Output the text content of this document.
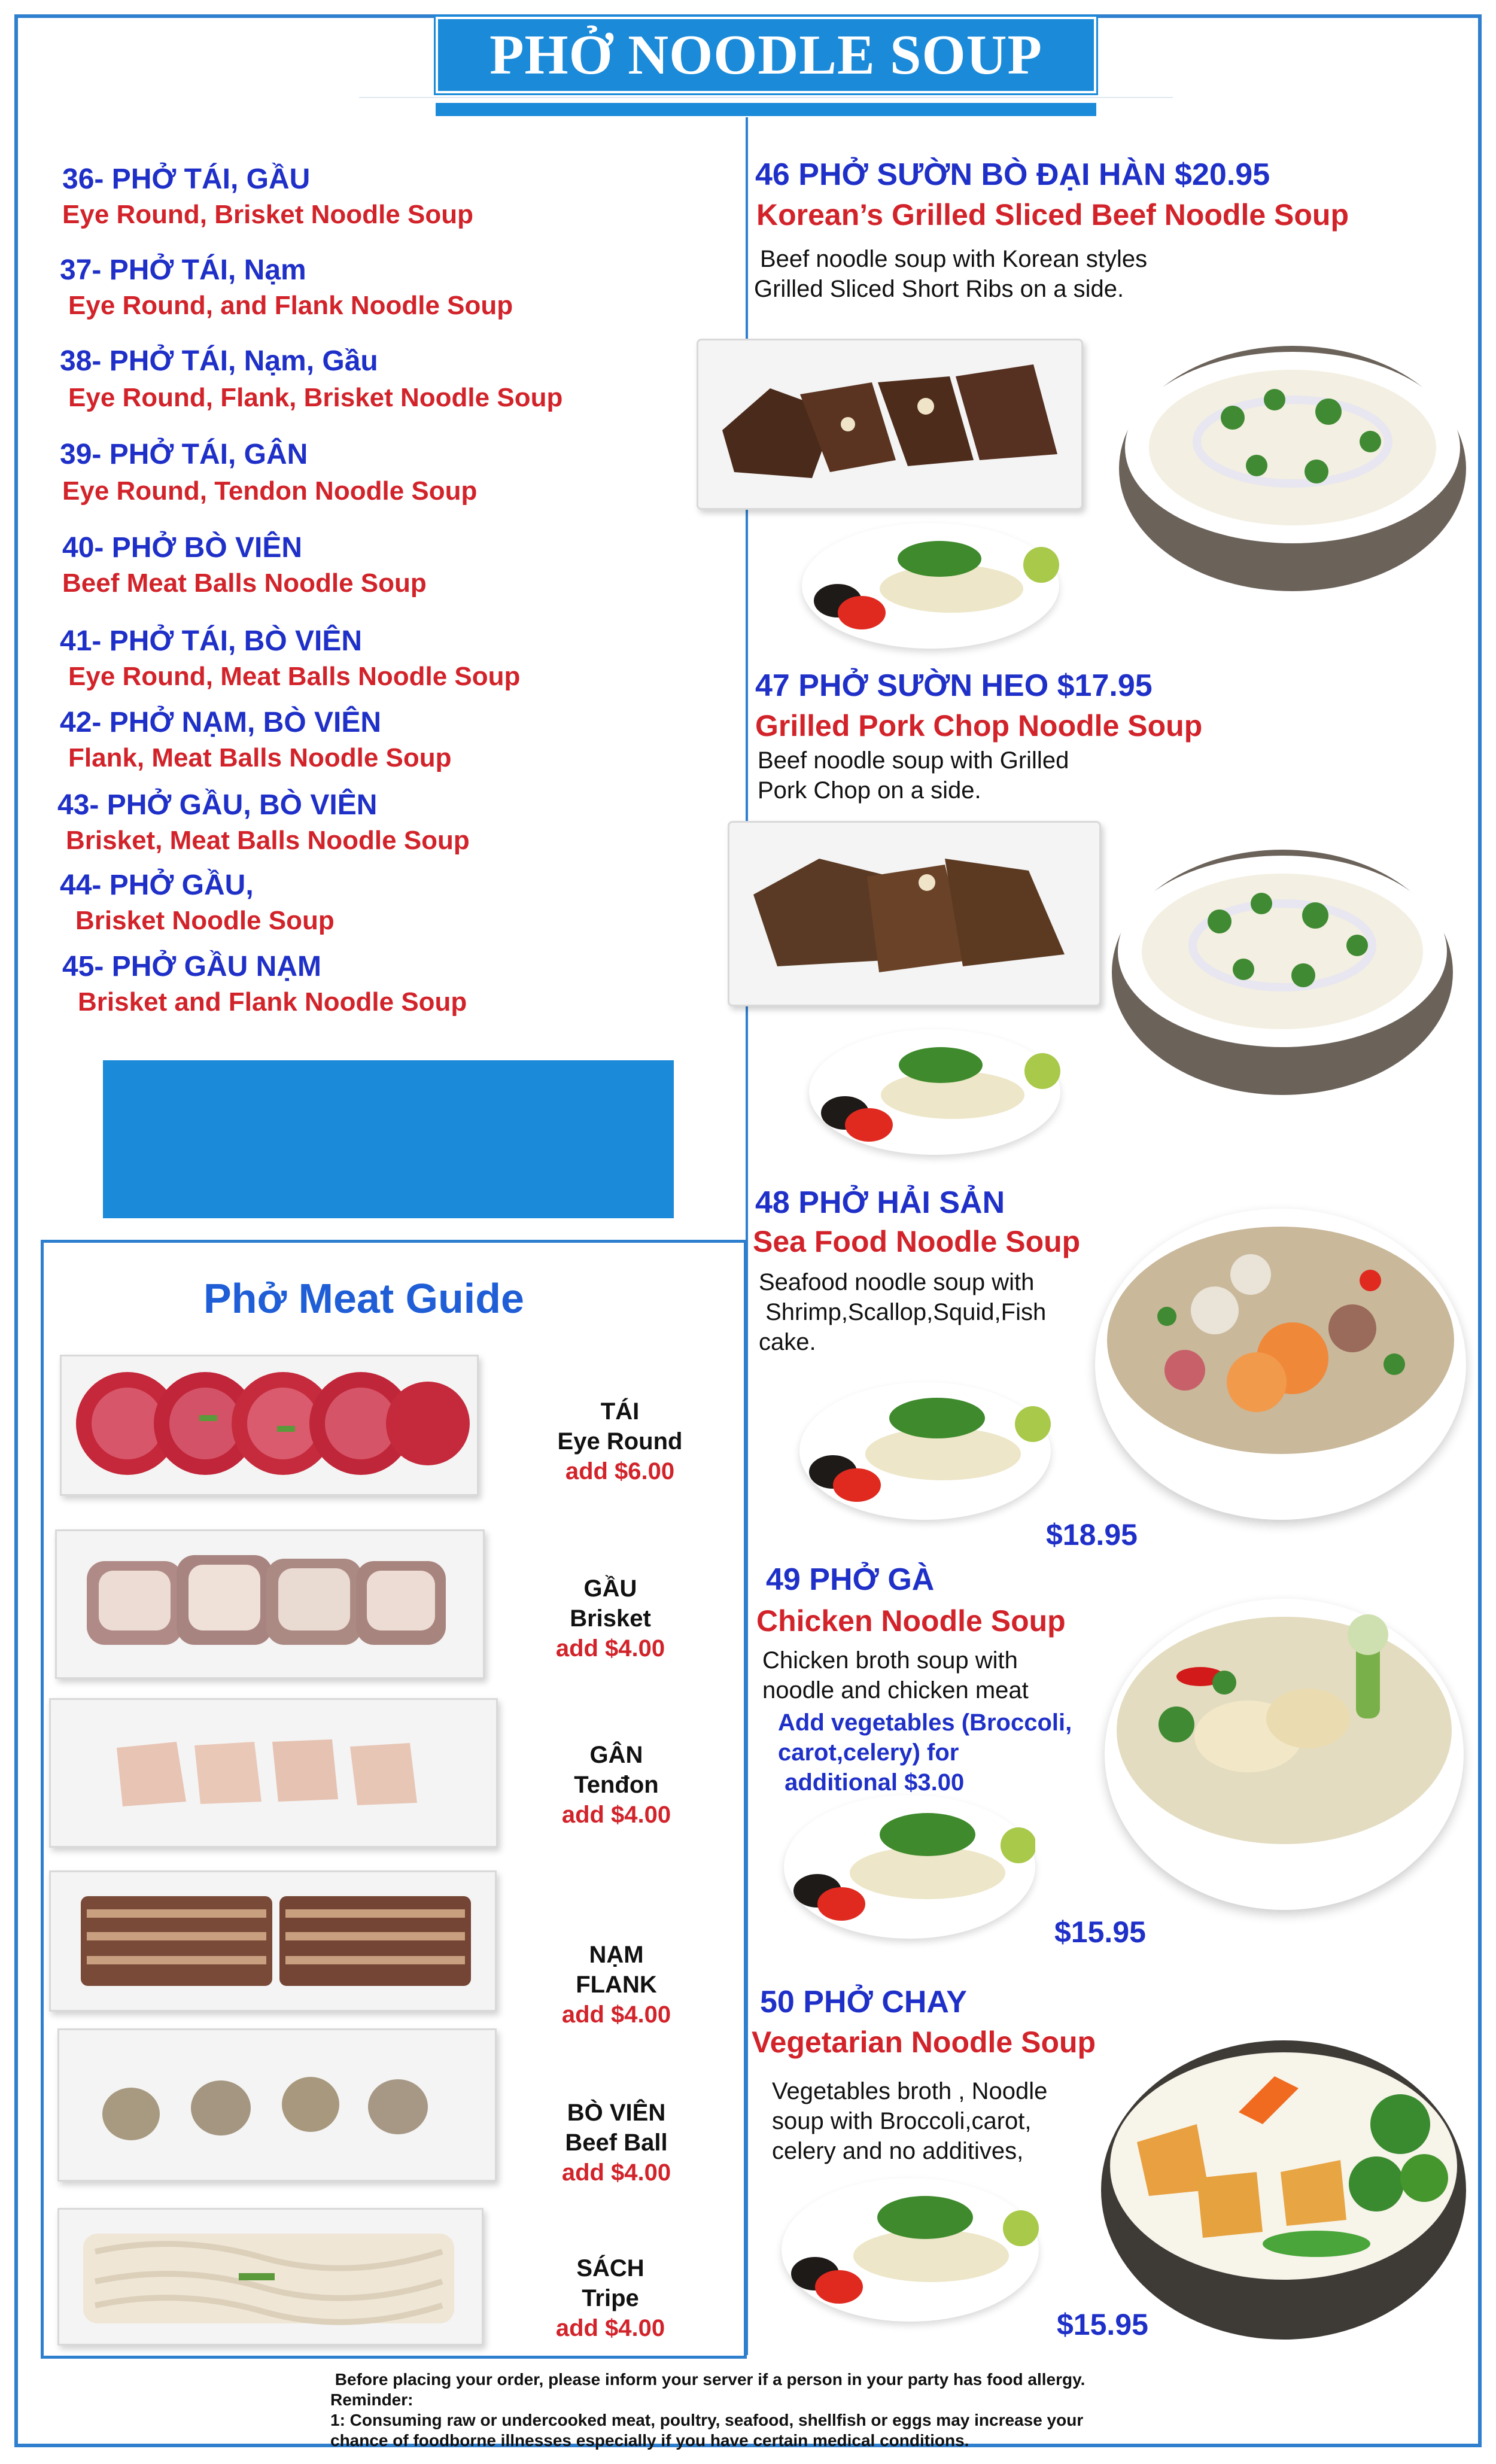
PHỞ NOODLE SOUP
36- PHỞ TÁI, GẦU
Eye Round, Brisket Noodle Soup
37- PHỞ TÁI, Nạm
Eye Round, and Flank Noodle Soup
38- PHỞ TÁI, Nạm, Gầu
Eye Round, Flank, Brisket Noodle Soup
39- PHỞ TÁI, GÂN
Eye Round, Tendon Noodle Soup
40- PHỞ BÒ VIÊN
Beef Meat Balls Noodle Soup
41- PHỞ TÁI, BÒ VIÊN
Eye Round, Meat Balls Noodle Soup
42- PHỞ NẠM, BÒ VIÊN
Flank, Meat Balls Noodle Soup
43- PHỞ GẦU, BÒ VIÊN
Brisket, Meat Balls Noodle Soup
44- PHỞ GẦU,
Brisket Noodle Soup
45- PHỞ GẦU NẠM
Brisket and Flank Noodle Soup
Phở Meat Guide
TÁI
Eye Round
add $6.00
GẦU
Brisket
add $4.00
GÂN
Tenđon
add $4.00
NẠM
FLANK
add $4.00
BÒ VIÊN
Beef Ball
add $4.00
SÁCH
Tripe
add $4.00
46 PHỞ SƯỜN BÒ ĐẠI HÀN $20.95
Korean’s Grilled Sliced Beef Noodle Soup
Beef noodle soup with Korean styles
Grilled Sliced Short Ribs on a side.
47 PHỞ SƯỜN HEO $17.95
Grilled Pork Chop Noodle Soup
Beef noodle soup with Grilled
Pork Chop on a side.
48 PHỞ HẢI SẢN
Sea Food Noodle Soup
Seafood noodle soup with
Shrimp,Scallop,Squid,Fish
cake.
$18.95
49 PHỞ GÀ
Chicken Noodle Soup
Chicken broth soup with
noodle and chicken meat
Add vegetables (Broccoli,
carot,celery) for
additional $3.00
$15.95
50 PHỞ CHAY
Vegetarian Noodle Soup
Vegetables broth , Noodle
soup with Broccoli,carot,
celery and no additives,
$15.95
Before placing your order, please inform your server if a person in your party has food allergy.
Reminder:
1: Consuming raw or undercooked meat, poultry, seafood, shellfish or eggs may increase your
chance of foodborne illnesses especially if you have certain medical conditions.
